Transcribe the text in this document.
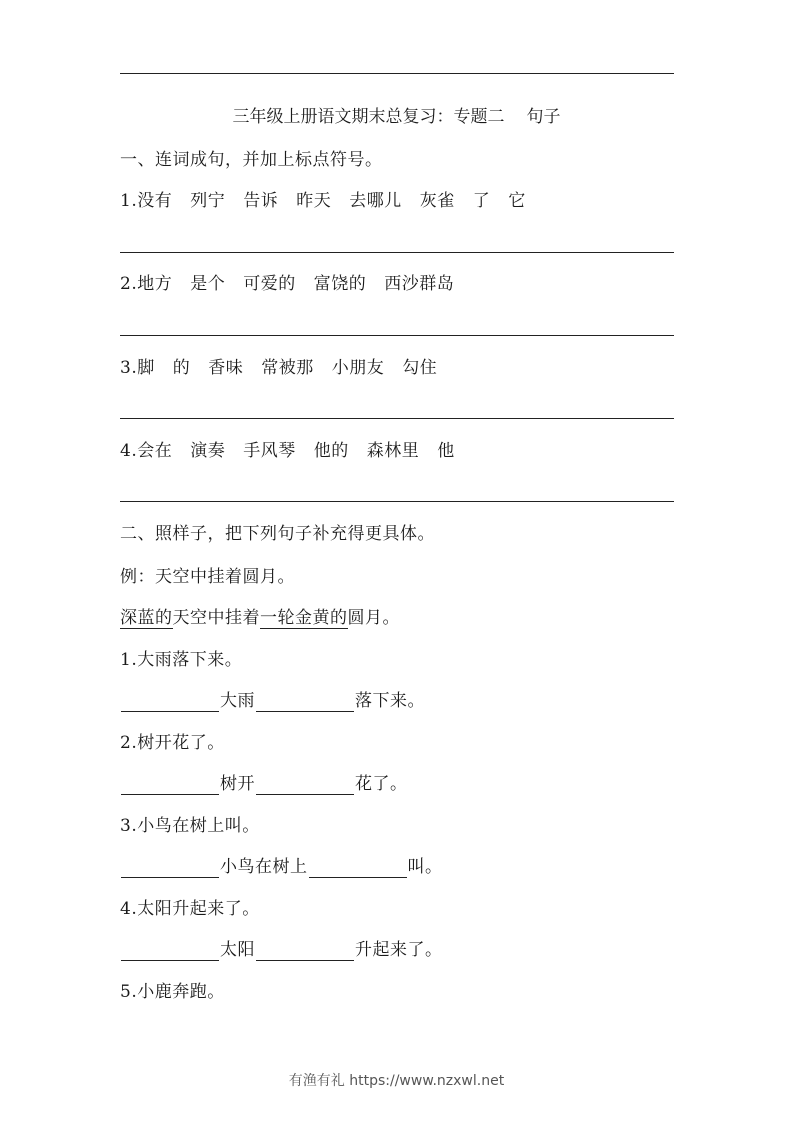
三年级上册语文期末总复习：专题二 句子
一、连词成句，并加上标点符号。
1.没有 列宁 告诉 昨天 去哪儿 灰雀 了 它
2.地方 是个 可爱的 富饶的 西沙群岛
3.脚 的 香味 常被那 小朋友 勾住
4.会在 演奏 手风琴 他的 森林里 他
二、照样子，把下列句子补充得更具体。
例：天空中挂着圆月。
深蓝的天空中挂着一轮金黄的圆月。
1.大雨落下来。
大雨	落下来。
2.树开花了。
树开	花了。
3.小鸟在树上叫。
小鸟在树上	叫。
4.太阳升起来了。
太阳	升起来了。
5.小鹿奔跑。
有渔有礼 https://www.nzxwl.net
